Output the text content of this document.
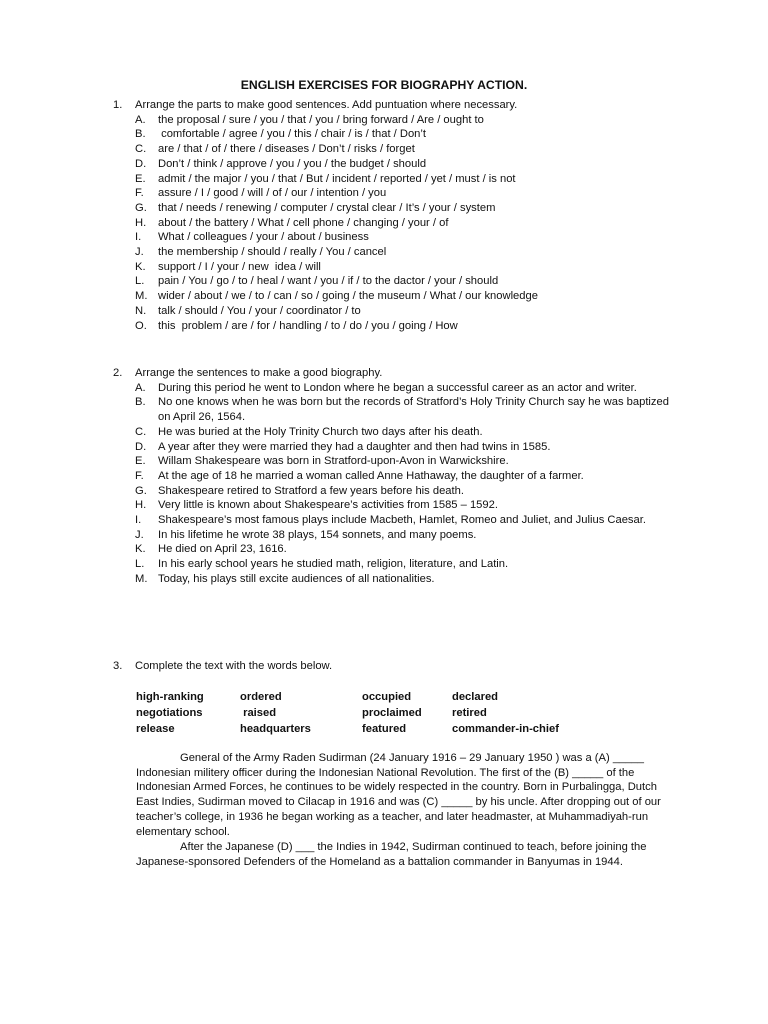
ENGLISH EXERCISES FOR BIOGRAPHY ACTION.
1. Arrange the parts to make good sentences. Add puntuation where necessary.
A. the proposal / sure / you / that / you / bring forward / Are / ought to
B. comfortable / agree / you / this / chair / is / that / Don’t
C. are / that / of / there / diseases / Don’t / risks / forget
D. Don’t / think / approve / you / you / the budget / should
E. admit / the major / you / that / But / incident / reported / yet / must / is not
F. assure / I / good / will / of / our / intention / you
G. that / needs / renewing / computer / crystal clear / It’s / your / system
H. about / the battery / What / cell phone / changing / your / of
I. What / colleagues / your / about / business
J. the membership / should / really / You / cancel
K. support / I / your / new  idea / will
L. pain / You / go / to / heal / want / you / if / to the dactor / your / should
M. wider / about / we / to / can / so / going / the museum / What / our knowledge
N. talk / should / You / your / coordinator / to
O. this  problem / are / for / handling / to / do / you / going / How
2. Arrange the sentences to make a good biography.
A. During this period he went to London where he began a successful career as an actor and writer.
B. No one knows when he was born but the records of Stratford’s Holy Trinity Church say he was baptized on April 26, 1564.
C. He was buried at the Holy Trinity Church two days after his death.
D. A year after they were married they had a daughter and then had twins in 1585.
E. Willam Shakespeare was born in Stratford-upon-Avon in Warwickshire.
F. At the age of 18 he married a woman called Anne Hathaway, the daughter of a farmer.
G. Shakespeare retired to Stratford a few years before his death.
H. Very little is known about Shakespeare’s activities from 1585 – 1592.
I. Shakespeare’s most famous plays include Macbeth, Hamlet, Romeo and Juliet, and Julius Caesar.
J. In his lifetime he wrote 38 plays, 154 sonnets, and many poems.
K. He died on April 23, 1616.
L. In his early school years he studied math, religion, literature, and Latin.
M. Today, his plays still excite audiences of all nationalities.
3. Complete the text with the words below.
high-ranking	ordered	occupied	declared
negotiations	raised	proclaimed	retired
release	headquarters	featured	commander-in-chief

General of the Army Raden Sudirman (24 January 1916 – 29 January 1950 ) was a (A) _____ Indonesian militery officer during the Indonesian National Revolution. The first of the (B) _____ of the Indonesian Armed Forces, he continues to be widely respected in the country. Born in Purbalingga, Dutch East Indies, Sudirman moved to Cilacap in 1916 and was (C) _____ by his uncle. After dropping out of our teacher’s college, in 1936 he began working as a teacher, and later headmaster, at Muhammadiyah-run elementary school.

After the Japanese (D) ___ the Indies in 1942, Sudirman continued to teach, before joining the Japanese-sponsored Defenders of the Homeland as a battalion commander in Banyumas in 1944.
